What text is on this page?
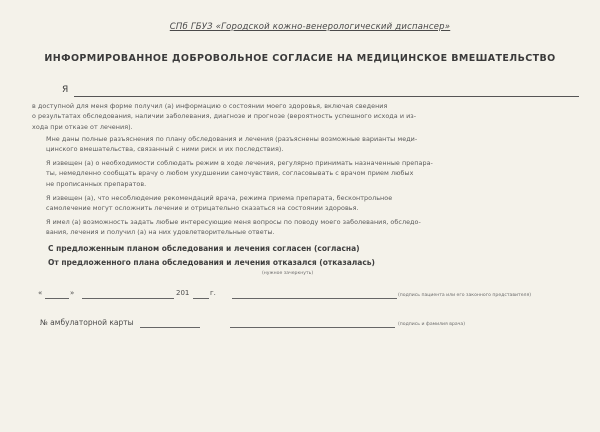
СПб ГБУЗ «Городской кожно-венерологический диспансер»
ИНФОРМИРОВАННОЕ ДОБРОВОЛЬНОЕ СОГЛАСИЕ НА МЕДИЦИНСКОЕ ВМЕШАТЕЛЬСТВО
Я
в доступной для меня форме получил (а) информацию о состоянии моего здоровья, включая сведения
о результатах обследования, наличии заболевания, диагнозе и прогнозе (вероятность успешного исхода и из-
хода при отказе от лечения).
Мне даны полные разъяснения по плану обследования и лечения (разъяснены возможные варианты меди-
цинского вмешательства, связанный с ними риск и их последствия).
Я извещен (а) о необходимости соблюдать режим в ходе лечения, регулярно принимать назначенные препара-
ты, немедленно сообщать врачу о любом ухудшении самочувствия, согласовывать с врачом прием любых
не прописанных препаратов.
Я извещен (а), что несоблюдение рекомендаций врача, режима приема препарата, бесконтрольное
самолечение могут осложнить лечение и отрицательно сказаться на состоянии здоровья.
Я имел (а) возможность задать любые интересующие меня вопросы по поводу моего заболевания, обследо-
вания, лечения и получил (а) на них удовлетворительные ответы.
С предложенным планом обследования и лечения согласен (согласна)
От предложенного плана обследования и лечения отказался (отказалась)
(нужное зачеркнуть)
«	»	201	г.	(подпись пациента или его законного представителя)
№ амбулаторной карты	(подпись и фамилия врача)
